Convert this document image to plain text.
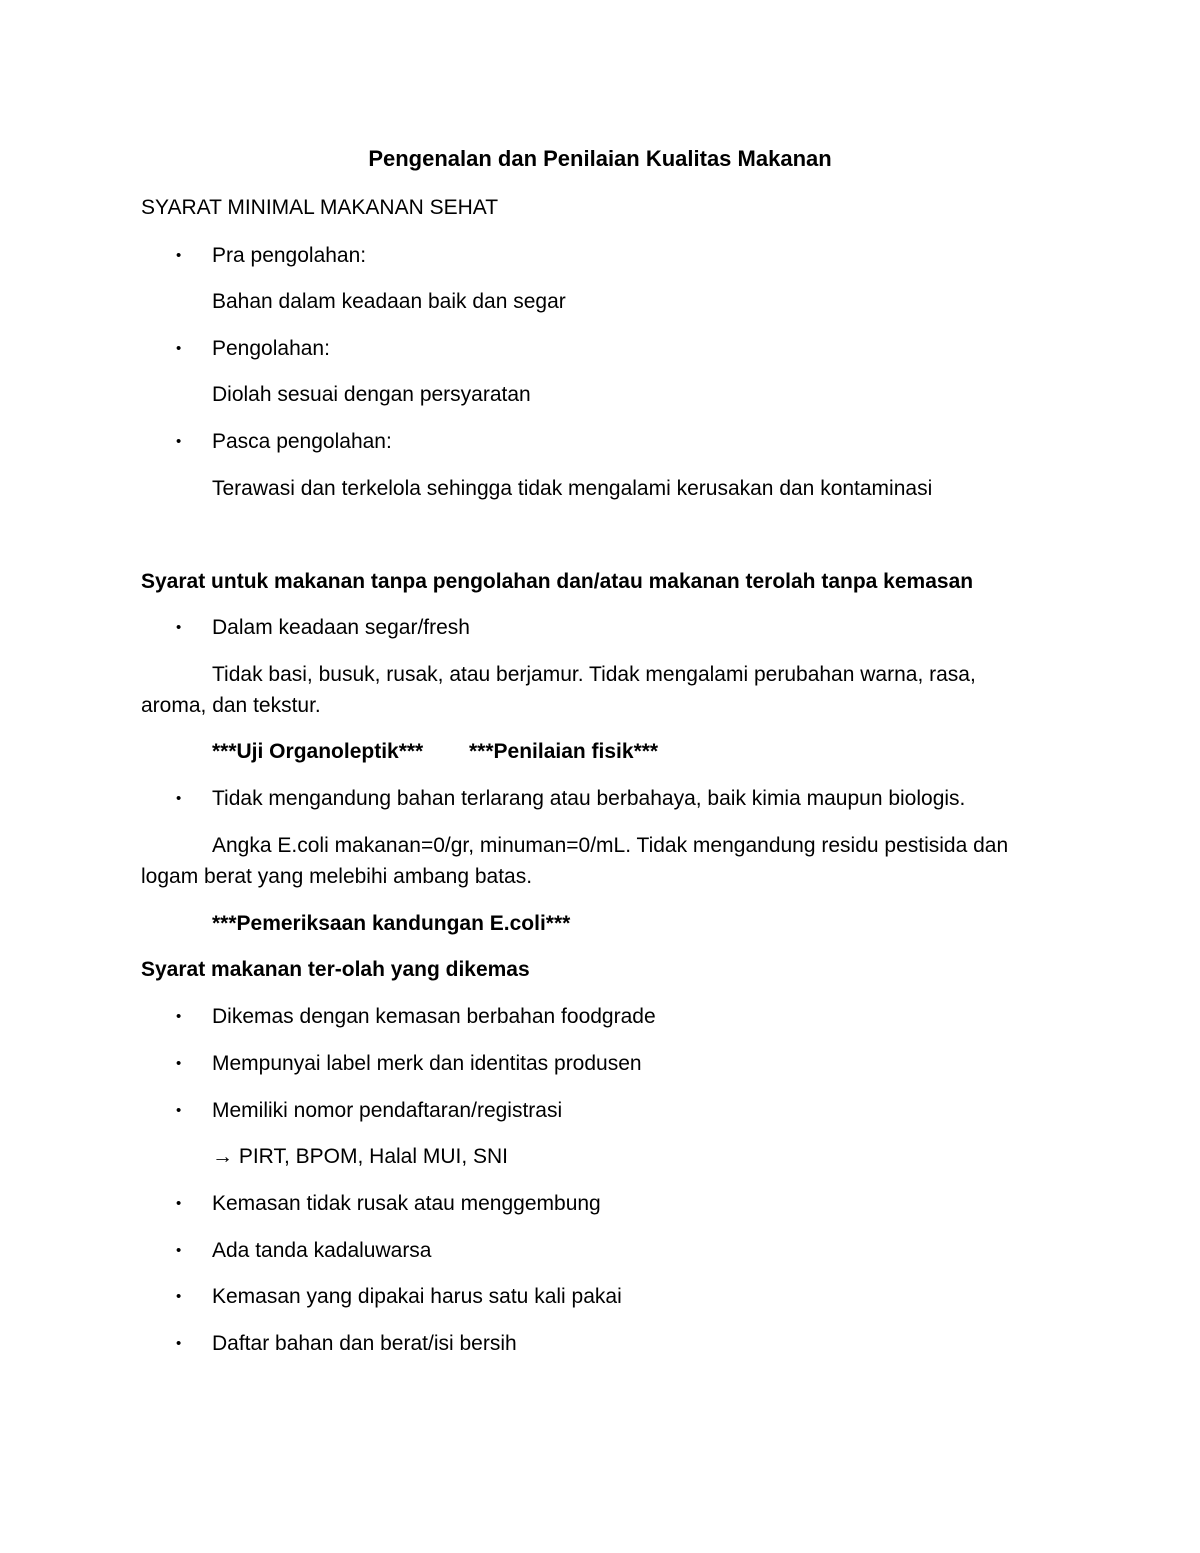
Pengenalan dan Penilaian Kualitas Makanan
SYARAT MINIMAL MAKANAN SEHAT
• Pra pengolahan:
Bahan dalam keadaan baik dan segar
• Pengolahan:
Diolah sesuai dengan persyaratan
• Pasca pengolahan:
Terawasi dan terkelola sehingga tidak mengalami kerusakan dan kontaminasi
Syarat untuk makanan tanpa pengolahan dan/atau makanan terolah tanpa kemasan
• Dalam keadaan segar/fresh
Tidak basi, busuk, rusak, atau berjamur. Tidak mengalami perubahan warna, rasa,
aroma, dan tekstur.
***Uji Organoleptik*** ***Penilaian fisik***
• Tidak mengandung bahan terlarang atau berbahaya, baik kimia maupun biologis.
Angka E.coli makanan=0/gr, minuman=0/mL. Tidak mengandung residu pestisida dan
logam berat yang melebihi ambang batas.
***Pemeriksaan kandungan E.coli***
Syarat makanan ter-olah yang dikemas
• Dikemas dengan kemasan berbahan foodgrade
• Mempunyai label merk dan identitas produsen
• Memiliki nomor pendaftaran/registrasi
→ PIRT, BPOM, Halal MUI, SNI
• Kemasan tidak rusak atau menggembung
• Ada tanda kadaluwarsa
• Kemasan yang dipakai harus satu kali pakai
• Daftar bahan dan berat/isi bersih
